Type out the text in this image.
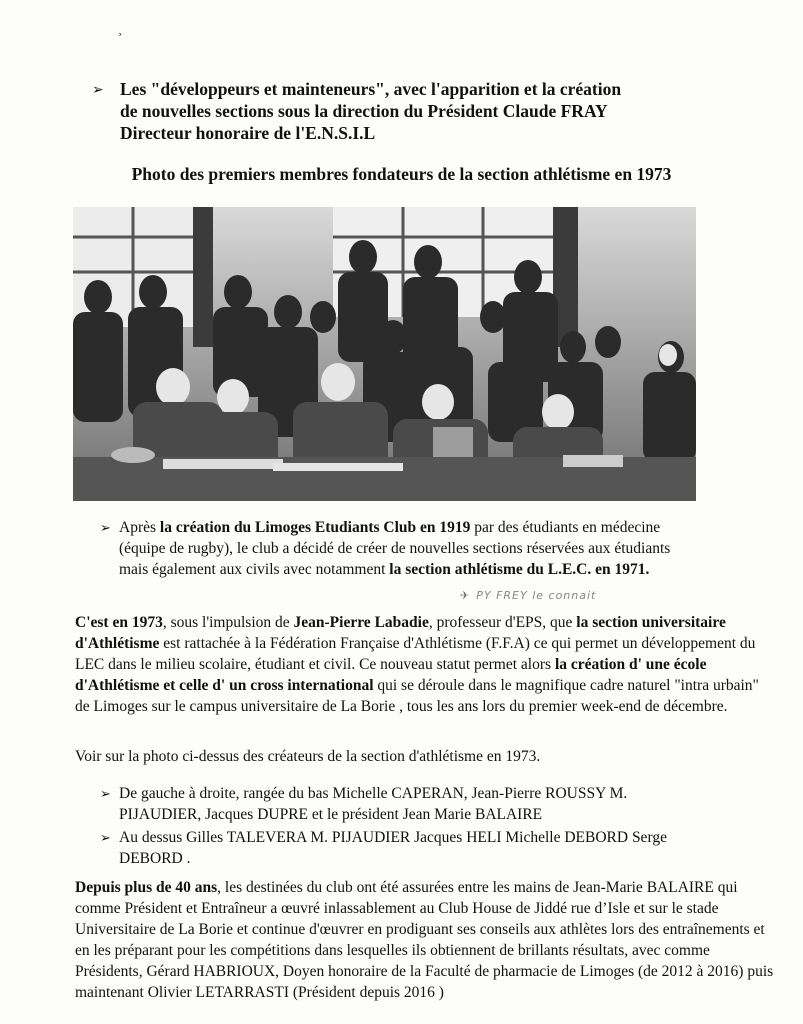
¸
➢ Les "développeurs et mainteneurs", avec l'apparition et la création
de nouvelles sections sous la direction du Président Claude FRAY
Directeur honoraire de l'E.N.S.I.L
Photo des premiers membres fondateurs de la section athlétisme en 1973
➢ Après la création du Limoges Etudiants Club en 1919 par des étudiants en médecine (équipe de rugby), le club a décidé de créer de nouvelles sections réservées aux étudiants mais également aux civils avec notamment la section athlétisme du L.E.C. en 1971.
✈ PY FREY le connait
C'est en 1973, sous l'impulsion de Jean-Pierre Labadie, professeur d'EPS, que la section universitaire d'Athlétisme est rattachée à la Fédération Française d'Athlétisme (F.F.A) ce qui permet un développement du LEC dans le milieu scolaire, étudiant et civil. Ce nouveau statut permet alors la création d' une école d'Athlétisme et celle d' un cross international qui se déroule dans le magnifique cadre naturel "intra urbain" de Limoges sur le campus universitaire de La Borie , tous les ans lors du premier week-end de décembre.
Voir sur la photo ci-dessus des créateurs de la section d'athlétisme en 1973.
➢ De gauche à droite, rangée du bas Michelle CAPERAN, Jean-Pierre ROUSSY M. PIJAUDIER, Jacques DUPRE et le président Jean Marie BALAIRE
➢ Au dessus Gilles TALEVERA M. PIJAUDIER Jacques HELI Michelle DEBORD Serge DEBORD .
Depuis plus de 40 ans, les destinées du club ont été assurées entre les mains de Jean-Marie BALAIRE qui comme Président et Entraîneur a œuvré inlassablement au Club House de Jiddé rue d’Isle et sur le stade Universitaire de La Borie et continue d'œuvrer en prodiguant ses conseils aux athlètes lors des entraînements et en les préparant pour les compétitions dans lesquelles ils obtiennent de brillants résultats, avec comme Présidents, Gérard HABRIOUX, Doyen honoraire de la Faculté de pharmacie de Limoges (de 2012 à 2016) puis maintenant Olivier LETARRASTI (Président depuis 2016 )
